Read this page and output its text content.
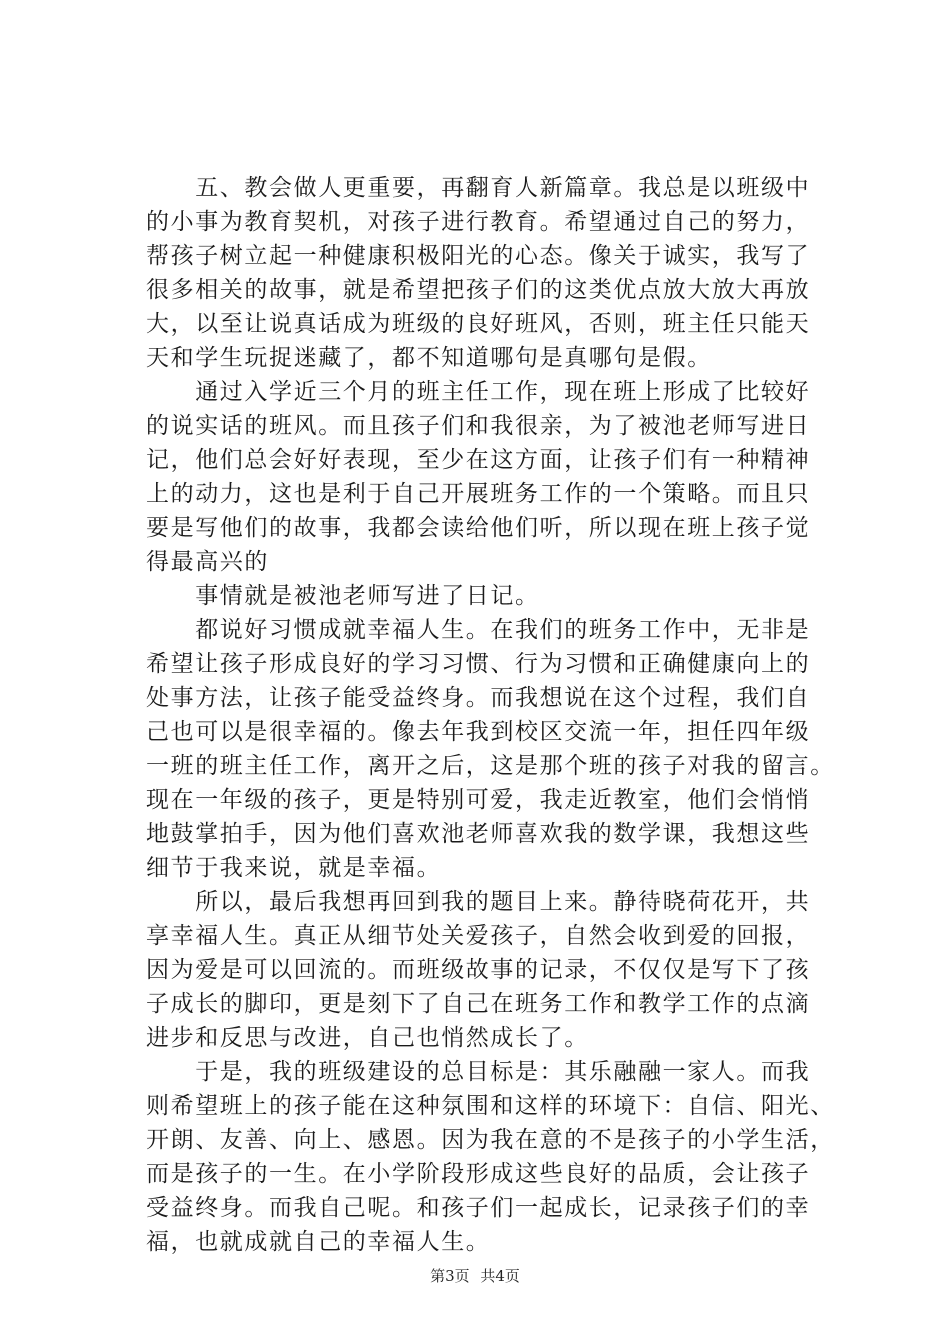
　　五、教会做人更重要，再翻育人新篇章。我总是以班级中

的小事为教育契机，对孩子进行教育。希望通过自己的努力，

帮孩子树立起一种健康积极阳光的心态。像关于诚实，我写了

很多相关的故事，就是希望把孩子们的这类优点放大放大再放

大，以至让说真话成为班级的良好班风，否则，班主任只能天

天和学生玩捉迷藏了，都不知道哪句是真哪句是假。

　　通过入学近三个月的班主任工作，现在班上形成了比较好

的说实话的班风。而且孩子们和我很亲，为了被池老师写进日

记，他们总会好好表现，至少在这方面，让孩子们有一种精神

上的动力，这也是利于自己开展班务工作的一个策略。而且只

要是写他们的故事，我都会读给他们听，所以现在班上孩子觉

得最高兴的

　　事情就是被池老师写进了日记。

　　都说好习惯成就幸福人生。在我们的班务工作中，无非是

希望让孩子形成良好的学习习惯、行为习惯和正确健康向上的

处事方法，让孩子能受益终身。而我想说在这个过程，我们自

己也可以是很幸福的。像去年我到校区交流一年，担任四年级

一班的班主任工作，离开之后，这是那个班的孩子对我的留言。

现在一年级的孩子，更是特别可爱，我走近教室，他们会悄悄

地鼓掌拍手，因为他们喜欢池老师喜欢我的数学课，我想这些

细节于我来说，就是幸福。

　　所以，最后我想再回到我的题目上来。静待晓荷花开，共

享幸福人生。真正从细节处关爱孩子，自然会收到爱的回报，

因为爱是可以回流的。而班级故事的记录，不仅仅是写下了孩

子成长的脚印，更是刻下了自己在班务工作和教学工作的点滴

进步和反思与改进，自己也悄然成长了。

　　于是，我的班级建设的总目标是：其乐融融一家人。而我

则希望班上的孩子能在这种氛围和这样的环境下：自信、阳光、

开朗、友善、向上、感恩。因为我在意的不是孩子的小学生活，

而是孩子的一生。在小学阶段形成这些良好的品质，会让孩子

受益终身。而我自己呢。和孩子们一起成长，记录孩子们的幸

福，也就成就自己的幸福人生。

第3页 共4页
